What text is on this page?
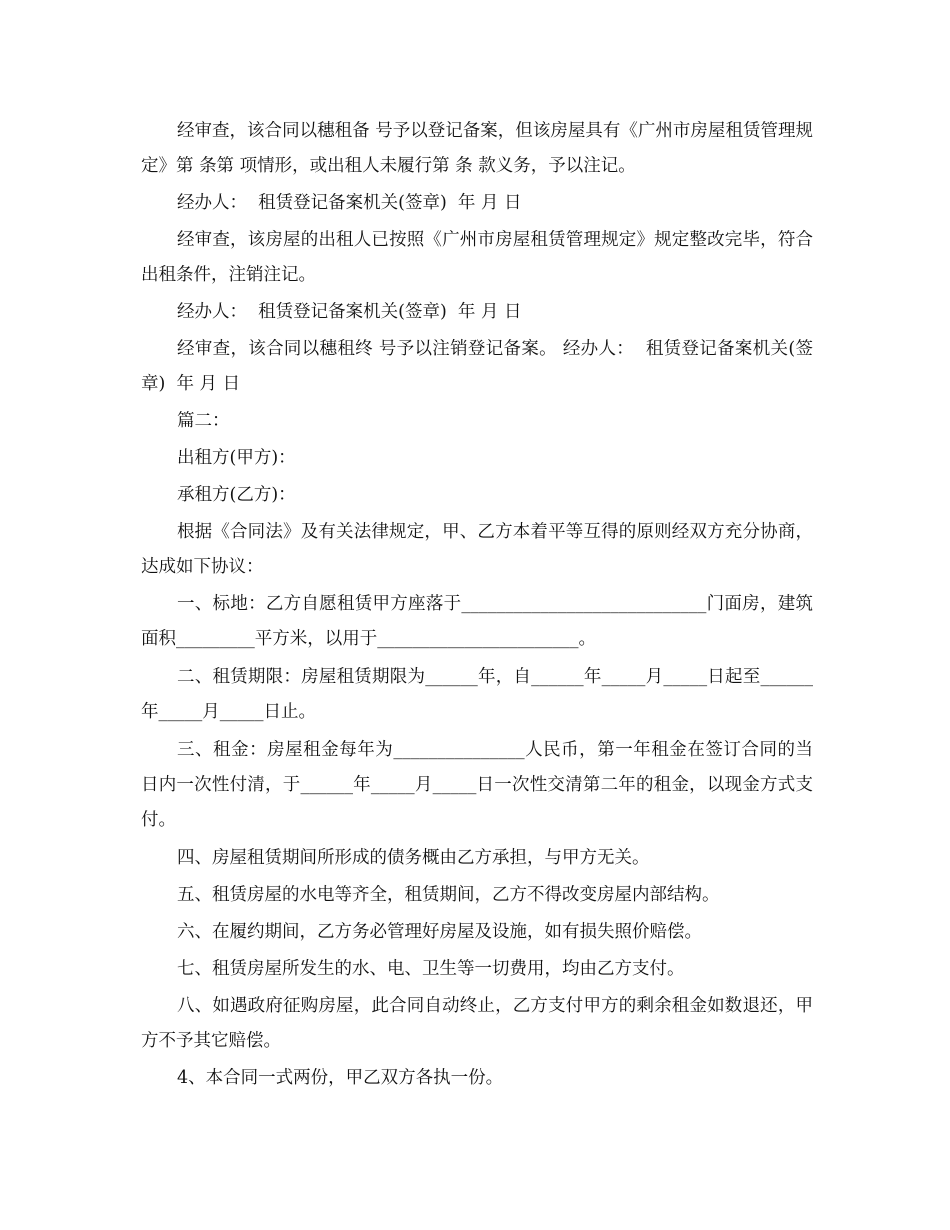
经审查，该合同以穗租备 号予以登记备案，但该房屋具有《广州市房屋租赁管理规定》第 条第 项情形，或出租人未履行第 条 款义务，予以注记。

经办人：  租赁登记备案机关(签章)  年 月 日

经审查，该房屋的出租人已按照《广州市房屋租赁管理规定》规定整改完毕，符合出租条件，注销注记。

经办人：  租赁登记备案机关(签章)  年 月 日

经审查，该合同以穗租终 号予以注销登记备案。 经办人：  租赁登记备案机关(签章)  年 月 日

篇二：

出租方(甲方)：

承租方(乙方)：

根据《合同法》及有关法律规定，甲、乙方本着平等互得的原则经双方充分协商，达成如下协议：

一、标地：乙方自愿租赁甲方座落于____________________________门面房，建筑面积_________平方米，以用于_______________________。

二、租赁期限：房屋租赁期限为______年，自______年_____月_____日起至______年_____月_____日止。

三、租金：房屋租金每年为_______________人民币，第一年租金在签订合同的当日内一次性付清，于______年_____月_____日一次性交清第二年的租金，以现金方式支付。

四、房屋租赁期间所形成的债务概由乙方承担，与甲方无关。

五、租赁房屋的水电等齐全，租赁期间，乙方不得改变房屋内部结构。

六、在履约期间，乙方务必管理好房屋及设施，如有损失照价赔偿。

七、租赁房屋所发生的水、电、卫生等一切费用，均由乙方支付。

八、如遇政府征购房屋，此合同自动终止，乙方支付甲方的剩余租金如数退还，甲方不予其它赔偿。

4、本合同一式两份，甲乙双方各执一份。
